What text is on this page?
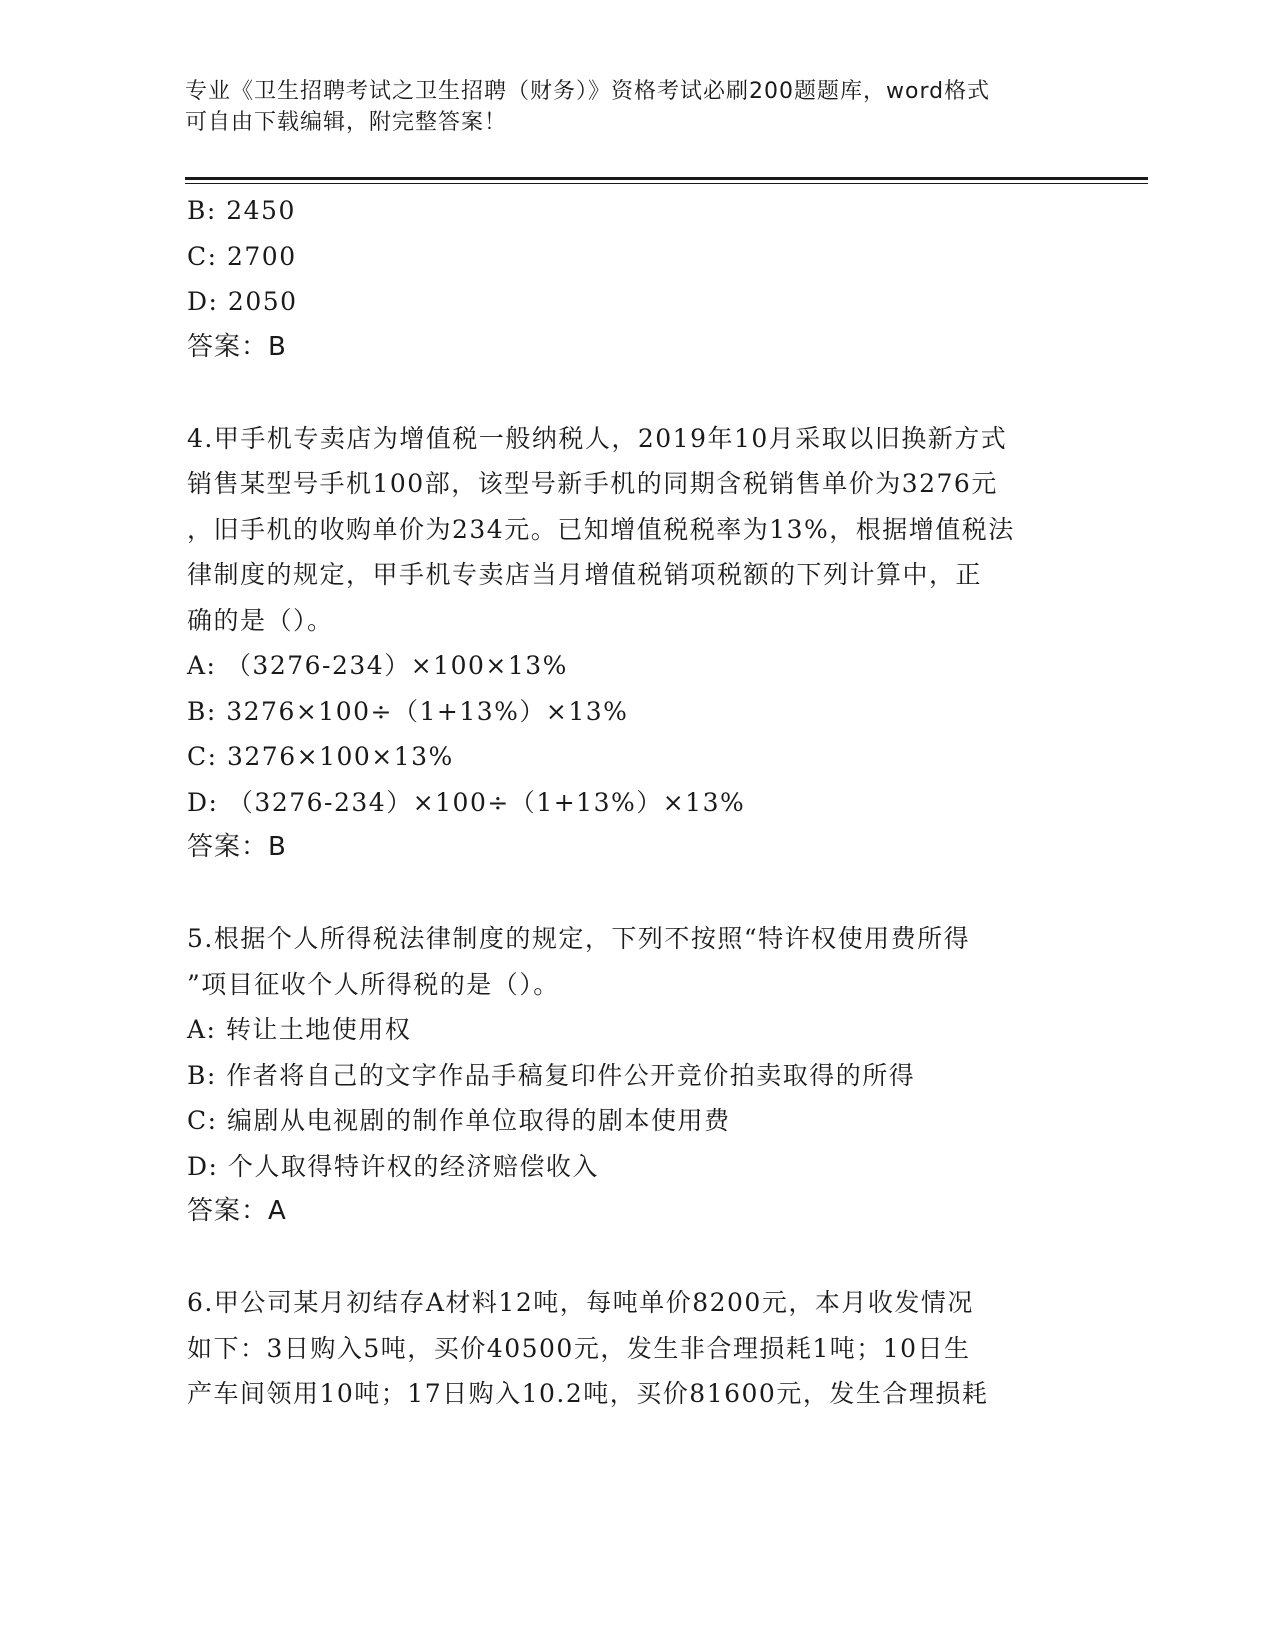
专业《卫生招聘考试之卫生招聘（财务）》资格考试必刷200题题库，word格式
可自由下载编辑，附完整答案！
B: 2450
C: 2700
D: 2050
答案：B
4.甲手机专卖店为增值税一般纳税人，2019年10月采取以旧换新方式
销售某型号手机100部，该型号新手机的同期含税销售单价为3276元
，旧手机的收购单价为234元。已知增值税税率为13%，根据增值税法
律制度的规定，甲手机专卖店当月增值税销项税额的下列计算中，正
确的是（）。
A: （3276-234）×100×13%
B: 3276×100÷（1+13%）×13%
C: 3276×100×13%
D: （3276-234）×100÷（1+13%）×13%
答案：B
5.根据个人所得税法律制度的规定，下列不按照“特许权使用费所得
”项目征收个人所得税的是（）。
A: 转让土地使用权
B: 作者将自己的文字作品手稿复印件公开竞价拍卖取得的所得
C: 编剧从电视剧的制作单位取得的剧本使用费
D: 个人取得特许权的经济赔偿收入
答案：A
6.甲公司某月初结存A材料12吨，每吨单价8200元，本月收发情况
如下：3日购入5吨，买价40500元，发生非合理损耗1吨；10日生
产车间领用10吨；17日购入10.2吨，买价81600元，发生合理损耗
